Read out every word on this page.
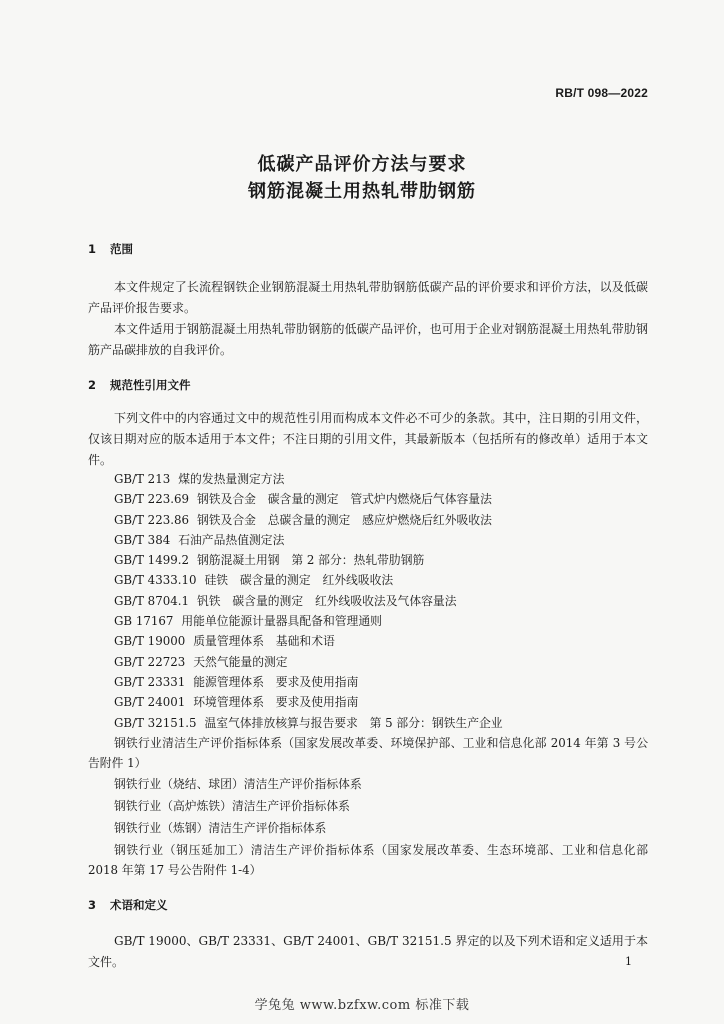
RB/T 098—2022
低碳产品评价方法与要求
钢筋混凝土用热轧带肋钢筋
1 范围
本文件规定了长流程钢铁企业钢筋混凝土用热轧带肋钢筋低碳产品的评价要求和评价方法，以及低碳产品评价报告要求。
本文件适用于钢筋混凝土用热轧带肋钢筋的低碳产品评价，也可用于企业对钢筋混凝土用热轧带肋钢筋产品碳排放的自我评价。
2 规范性引用文件
下列文件中的内容通过文中的规范性引用而构成本文件必不可少的条款。其中，注日期的引用文件，仅该日期对应的版本适用于本文件；不注日期的引用文件，其最新版本（包括所有的修改单）适用于本文件。
GB/T 213 煤的发热量测定方法
GB/T 223.69 钢铁及合金　碳含量的测定　管式炉内燃烧后气体容量法
GB/T 223.86 钢铁及合金　总碳含量的测定　感应炉燃烧后红外吸收法
GB/T 384 石油产品热值测定法
GB/T 1499.2 钢筋混凝土用钢　第 2 部分：热轧带肋钢筋
GB/T 4333.10 硅铁　碳含量的测定　红外线吸收法
GB/T 8704.1 钒铁　碳含量的测定　红外线吸收法及气体容量法
GB 17167 用能单位能源计量器具配备和管理通则
GB/T 19000 质量管理体系　基础和术语
GB/T 22723 天然气能量的测定
GB/T 23331 能源管理体系　要求及使用指南
GB/T 24001 环境管理体系　要求及使用指南
GB/T 32151.5 温室气体排放核算与报告要求　第 5 部分：钢铁生产企业
钢铁行业清洁生产评价指标体系（国家发展改革委、环境保护部、工业和信息化部 2014 年第 3 号公告附件 1）
钢铁行业（烧结、球团）清洁生产评价指标体系
钢铁行业（高炉炼铁）清洁生产评价指标体系
钢铁行业（炼钢）清洁生产评价指标体系
钢铁行业（钢压延加工）清洁生产评价指标体系（国家发展改革委、生态环境部、工业和信息化部 2018 年第 17 号公告附件 1-4）
3 术语和定义
GB/T 19000、GB/T 23331、GB/T 24001、GB/T 32151.5 界定的以及下列术语和定义适用于本文件。	1
学兔兔 www.bzfxw.com 标准下载
